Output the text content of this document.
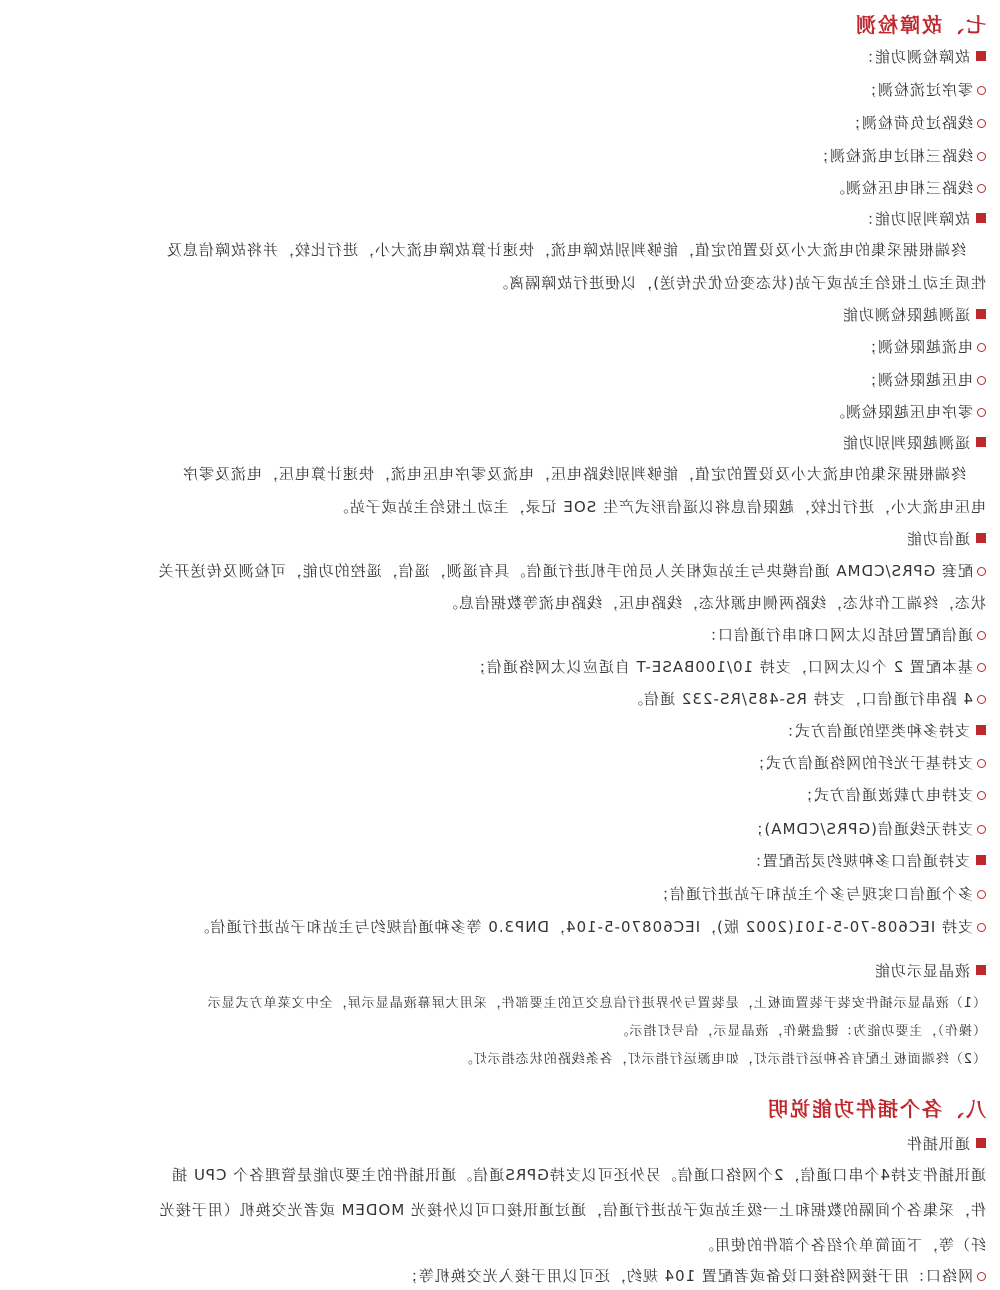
七、故障检测
故障检测功能：
零序过流检测；
线路过负荷检测；
线路三相过电流检测；
线路三相电压检测。
故障判别功能：
终端根据采集的电流大小及设置的定值，能够判别故障电流，快速计算故障电流大小，进行比较，并将故障信息及
性质主动上报给主站或子站(状态变位优先传送)，以便进行故障隔离。
遥测越限检测功能
电流越限检测；
电压越限检测；
零序电压越限检测。
遥测越限判别功能
终端根据采集的电流大小及设置的定值，能够判别线路电压，电流及零序电压电流，快速计算电压，电流及零序
电压电流大小，进行比较，越限信息将以遥信形式产生 SOE 记录，主动上报给主站或子站。
通信功能
配套 GPRS/CDMA 通信模块与主站或相关人员的手机进行通信。具有遥测，遥信，遥控的功能，可检测及传送开关
状态，终端工作状态，线路两侧电源状态，线路电压，线路电流等数据信息。
通信配置包括以太网口和串行通信口：
基本配置 2 个以太网口，支持 10/100BASE-T 自适应以太网络通信；
4 路串行通信口，支持 RS-485/RS-232 通信。
支持多种类型的通信方式：
支持基于光纤的网络通信方式；
支持电力载波通信方式；
支持无线通信(GPRS/CDMA)；
支持通信口多种规约灵活配置：
多个通信口实现与多个主站和子站进行通信；
支持 IEC608-70-5-101(2002 版)，IEC60870-5-104，DNP3.0 等多种通信规约与主站和子站进行通信。
液晶显示功能
（1）液晶显示插件安装于装置面板上，是装置与外界进行信息交互的主要部件，采用大屏幕液晶显示屏，全中文菜单方式显示
（操作），主要功能为：键盘操作，液晶显示，信号灯指示。
（2）终端面板上配有各种运行指示灯，如电源运行指示灯，各条线路的状态指示灯。
八、各个插件功能说明
通讯插件
通讯插件支持4个串口通信，2个网络口通信。另外还可以支持GPRS通信。通讯插件的主要功能是管理各个 CPU 插
件，采集各个间隔的数据和上一级主站或子站进行通信，通过通讯接口可以外接光 MODEM 或者光交换机（用于接光
纤）等，下面简单介绍各个部件的使用。
网络口：用于接网络接口设备或者配置 104 规约，还可以用于接入光交换机等；
